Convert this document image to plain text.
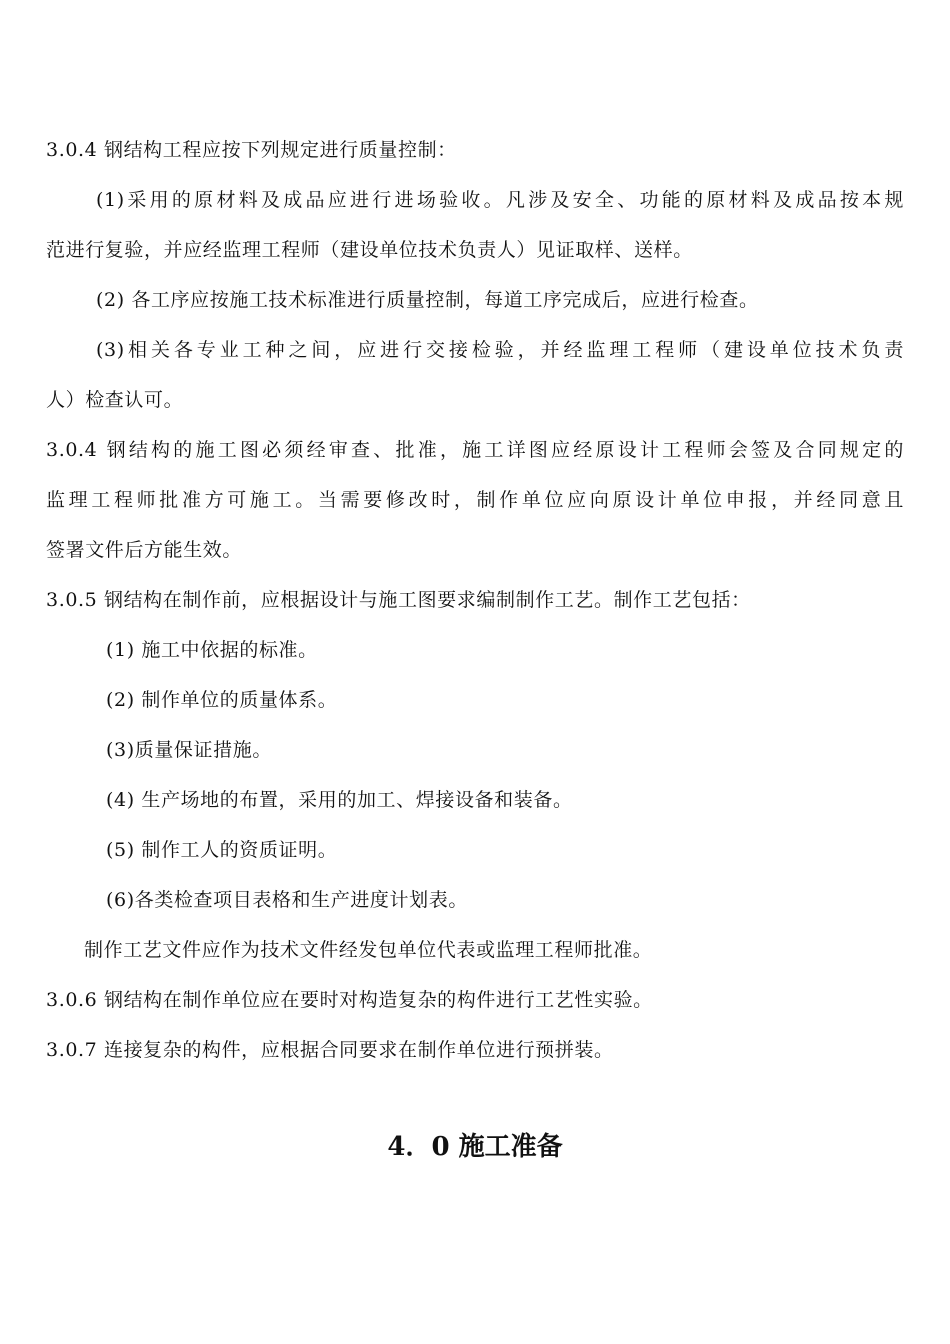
3.0.4 钢结构工程应按下列规定进行质量控制：
(1)采用的原材料及成品应进行进场验收。凡涉及安全、功能的原材料及成品按本规
范进行复验，并应经监理工程师（建设单位技术负责人）见证取样、送样。
(2) 各工序应按施工技术标准进行质量控制，每道工序完成后，应进行检查。
(3)相关各专业工种之间，应进行交接检验，并经监理工程师（建设单位技术负责
人）检查认可。
3.0.4 钢结构的施工图必须经审查、批准，施工详图应经原设计工程师会签及合同规定的
监理工程师批准方可施工。当需要修改时，制作单位应向原设计单位申报，并经同意且
签署文件后方能生效。
3.0.5 钢结构在制作前，应根据设计与施工图要求编制制作工艺。制作工艺包括：
(1) 施工中依据的标准。
(2) 制作单位的质量体系。
(3)质量保证措施。
(4) 生产场地的布置，采用的加工、焊接设备和装备。
(5) 制作工人的资质证明。
(6)各类检查项目表格和生产进度计划表。
制作工艺文件应作为技术文件经发包单位代表或监理工程师批准。
3.0.6 钢结构在制作单位应在要时对构造复杂的构件进行工艺性实验。
3.0.7 连接复杂的构件，应根据合同要求在制作单位进行预拼装。
4．0 施工准备
